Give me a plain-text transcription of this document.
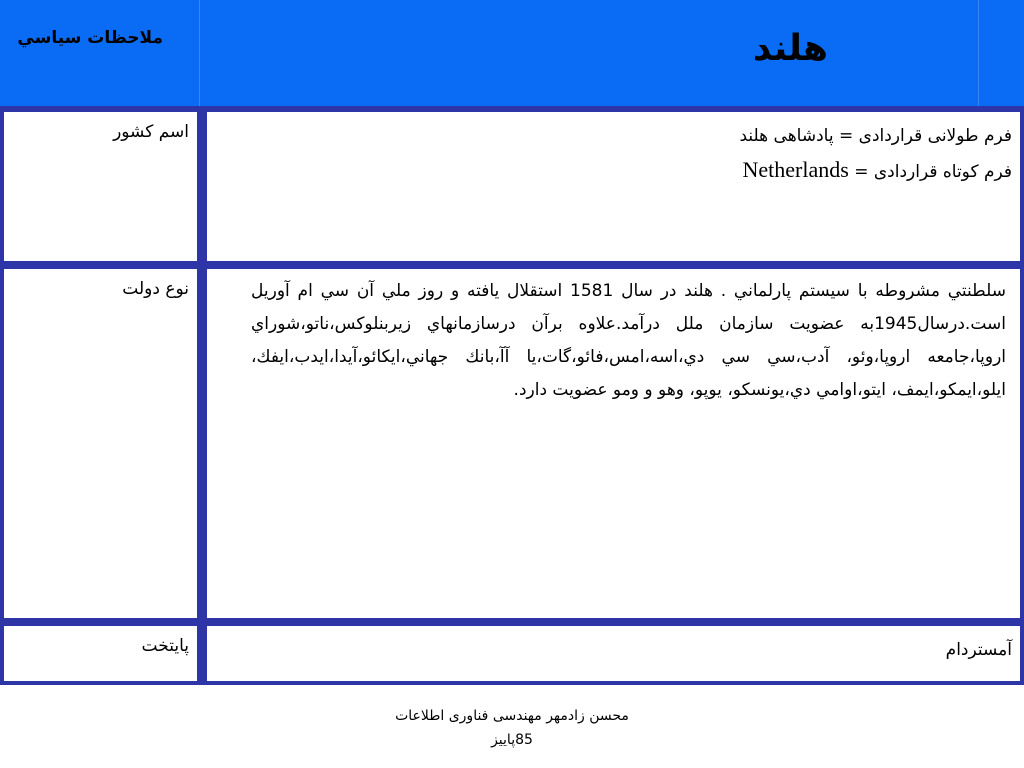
ملاحظات سياسي	هلند
اسم کشور	فرم طولانی قراردادی = پادشاهی هلند
فرم کوتاه قراردادی = Netherlands
نوع دولت	سلطنتي مشروطه با سيستم پارلماني . هلند در سال 1581 استقلال يافته و روز ملي آن سي ام آوريل است.درسال1945به عضويت سازمان ملل درآمد.علاوه برآن درسازمانهاي زيربنلوكس،ناتو،شوراي اروپا،جامعه اروپا،وئو، آدب،سي سي دي،اسه،امس،فائو،گات،يا آآ،بانك جهاني،ايكائو،آيدا،ايدب،ايفك، ايلو،ايمكو،ايمف، ايتو،اوامي دي،يونسكو، يوپو، وهو و ومو عضويت دارد.
پایتخت	آمستردام
محسن زادمهر مهندسی فناوری اطلاعات
85پاییز
